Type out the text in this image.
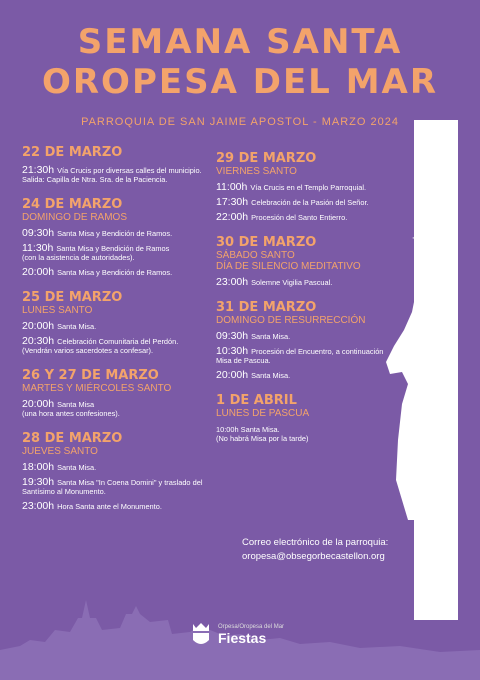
SEMANA SANTA
OROPESA DEL MAR
PARROQUIA DE SAN JAIME APOSTOL - MARZO 2024
22 DE MARZO
21:30h Vía Crucis por diversas calles del municipio.
Salida: Capilla de Ntra. Sra. de la Paciencia.
24 DE MARZO
DOMINGO DE RAMOS
09:30h Santa Misa y Bendición de Ramos.
11:30h Santa Misa y Bendición de Ramos
(con la asistencia de autoridades).
20:00h Santa Misa y Bendición de Ramos.
25 DE MARZO
LUNES SANTO
20:00h Santa Misa.
20:30h Celebración Comunitaria del Perdón.
(Vendrán varios sacerdotes a confesar).
26 Y 27 DE MARZO
MARTES Y MIÉRCOLES SANTO
20:00h Santa Misa
(una hora antes confesiones).
28 DE MARZO
JUEVES SANTO
18:00h Santa Misa.
19:30h Santa Misa "In Coena Domini" y traslado del Santísimo al Monumento.
23:00h Hora Santa ante el Monumento.
29 DE MARZO
VIERNES SANTO
11:00h Vía Crucis en el Templo Parroquial.
17:30h Celebración de la Pasión del Señor.
22:00h Procesión del Santo Entierro.
30 DE MARZO
SÁBADO SANTO
DÍA DE SILENCIO MEDITATIVO
23:00h Solemne Vigilia Pascual.
31 DE MARZO
DOMINGO DE RESURRECCIÓN
09:30h Santa Misa.
10:30h Procesión del Encuentro, a continuación Misa de Pascua.
20:00h Santa Misa.
1 DE ABRIL
LUNES DE PASCUA
10:00h Santa Misa.
(No habrá Misa por la tarde)
Correo electrónico de la parroquia:
oropesa@obsegorbecastellon.org
Orpesa/Oropesa del Mar
Fiestas
